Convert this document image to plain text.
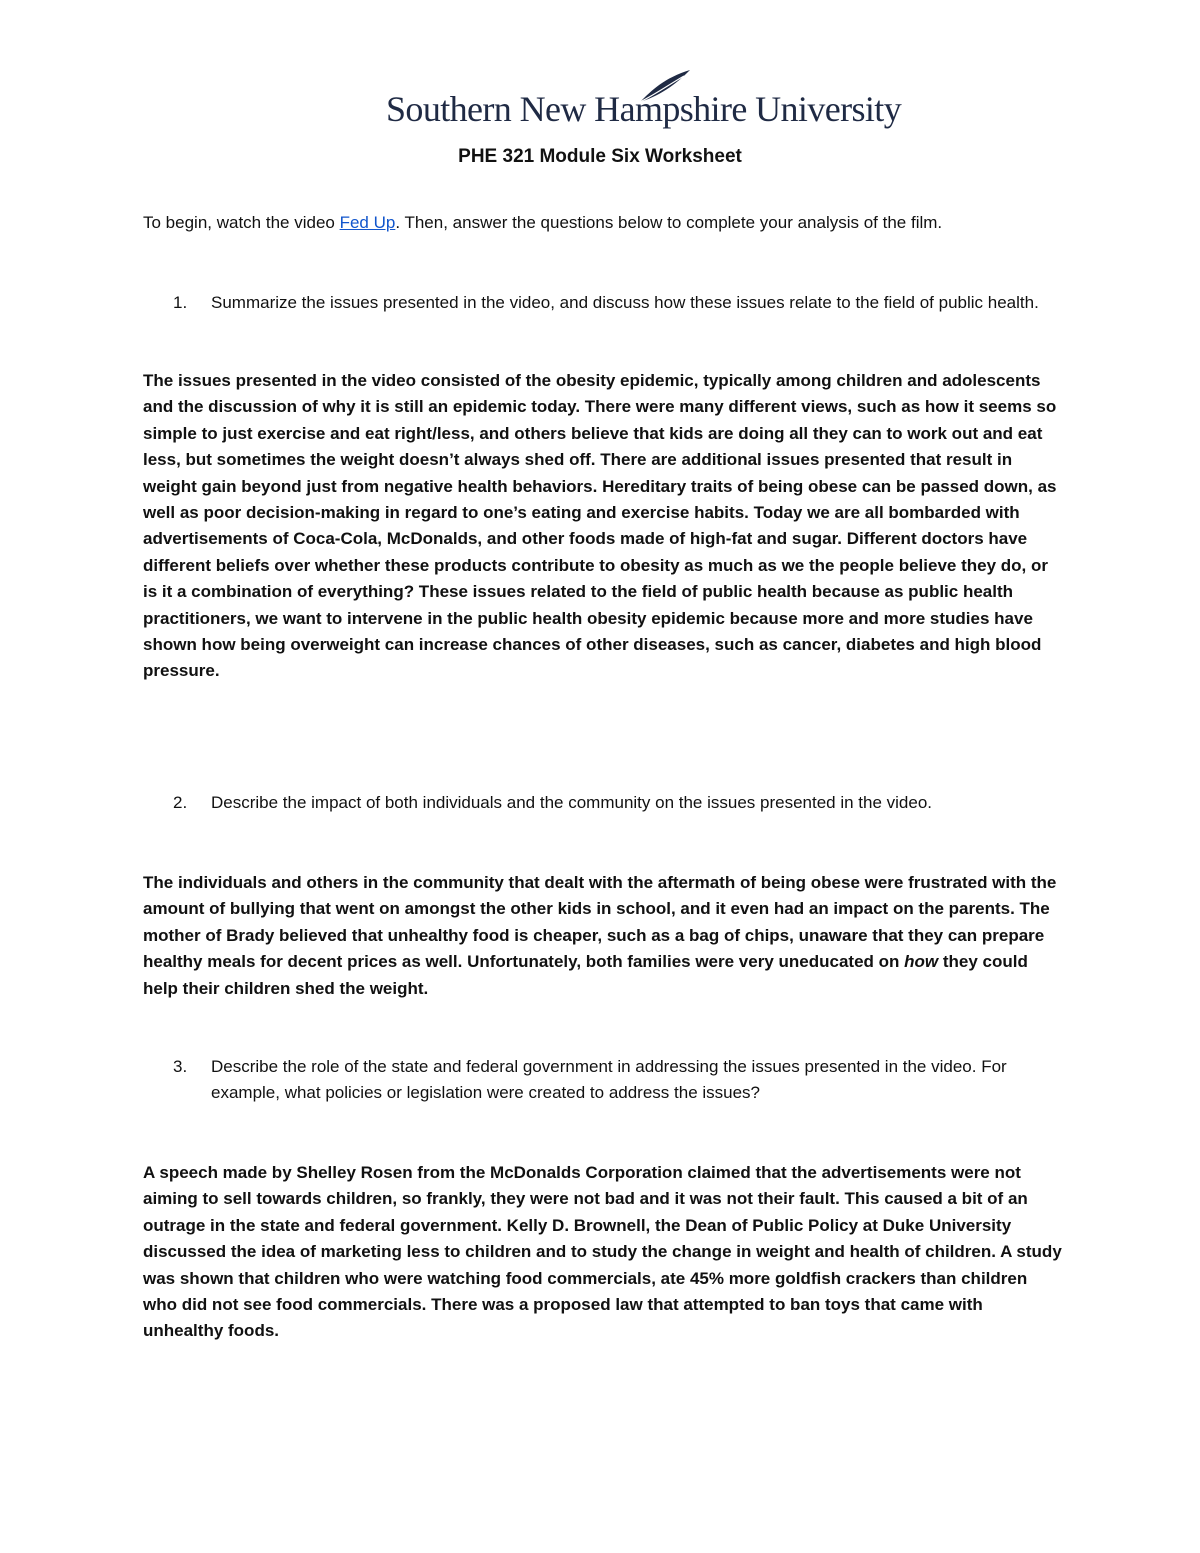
Southern New Hampshire University
PHE 321 Module Six Worksheet
To begin, watch the video Fed Up. Then, answer the questions below to complete your analysis of the film.
1. Summarize the issues presented in the video, and discuss how these issues relate to the field of public health.
The issues presented in the video consisted of the obesity epidemic, typically among children and adolescents and the discussion of why it is still an epidemic today. There were many different views, such as how it seems so simple to just exercise and eat right/less, and others believe that kids are doing all they can to work out and eat less, but sometimes the weight doesn’t always shed off. There are additional issues presented that result in weight gain beyond just from negative health behaviors. Hereditary traits of being obese can be passed down, as well as poor decision-making in regard to one’s eating and exercise habits. Today we are all bombarded with advertisements of Coca-Cola, McDonalds, and other foods made of high-fat and sugar. Different doctors have different beliefs over whether these products contribute to obesity as much as we the people believe they do, or is it a combination of everything? These issues related to the field of public health because as public health practitioners, we want to intervene in the public health obesity epidemic because more and more studies have shown how being overweight can increase chances of other diseases, such as cancer, diabetes and high blood pressure.
2. Describe the impact of both individuals and the community on the issues presented in the video.
The individuals and others in the community that dealt with the aftermath of being obese were frustrated with the amount of bullying that went on amongst the other kids in school, and it even had an impact on the parents. The mother of Brady believed that unhealthy food is cheaper, such as a bag of chips, unaware that they can prepare healthy meals for decent prices as well. Unfortunately, both families were very uneducated on how they could help their children shed the weight.
3. Describe the role of the state and federal government in addressing the issues presented in the video. For example, what policies or legislation were created to address the issues?
A speech made by Shelley Rosen from the McDonalds Corporation claimed that the advertisements were not aiming to sell towards children, so frankly, they were not bad and it was not their fault. This caused a bit of an outrage in the state and federal government. Kelly D. Brownell, the Dean of Public Policy at Duke University discussed the idea of marketing less to children and to study the change in weight and health of children. A study was shown that children who were watching food commercials, ate 45% more goldfish crackers than children who did not see food commercials. There was a proposed law that attempted to ban toys that came with unhealthy foods.
